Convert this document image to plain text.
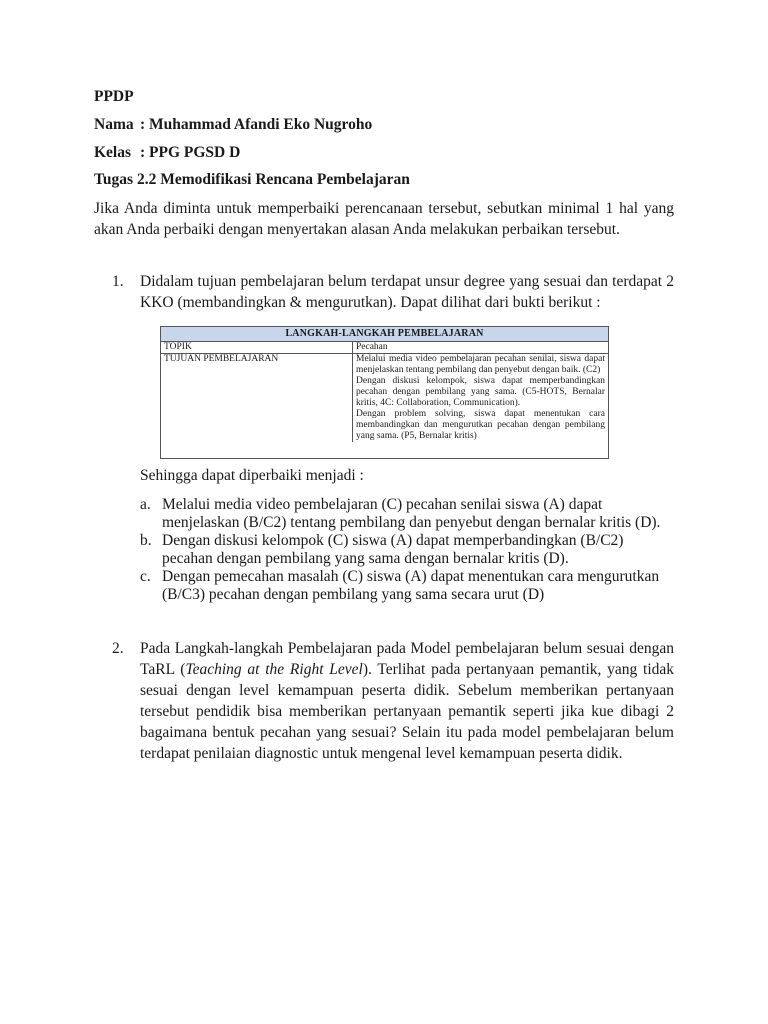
PPDP
Nama : Muhammad Afandi Eko Nugroho
Kelas : PPG PGSD D
Tugas 2.2 Memodifikasi Rencana Pembelajaran
Jika Anda diminta untuk memperbaiki perencanaan tersebut, sebutkan minimal 1 hal yang akan Anda perbaiki dengan menyertakan alasan Anda melakukan perbaikan tersebut.
1. Didalam tujuan pembelajaran belum terdapat unsur degree yang sesuai dan terdapat 2 KKO (membandingkan & mengurutkan). Dapat dilihat dari bukti berikut :
LANGKAH-LANGKAH PEMBELAJARAN
TOPIK	Pecahan
TUJUAN PEMBELAJARAN	Melalui media video pembelajaran pecahan senilai, siswa dapat menjelaskan tentang pembilang dan penyebut dengan baik. (C2)

Dengan diskusi kelompok, siswa dapat memperbandingkan pecahan dengan pembilang yang sama. (C5-HOTS, Bernalar kritis, 4C: Collaboration, Communication).

Dengan problem solving, siswa dapat menentukan cara membandingkan dan mengurutkan pecahan dengan pembilang yang sama. (P5, Bernalar kritis)

Sehingga dapat diperbaiki menjadi :
a. Melalui media video pembelajaran (C) pecahan senilai siswa (A) dapat menjelaskan (B/C2) tentang pembilang dan penyebut dengan bernalar kritis (D).
b. Dengan diskusi kelompok (C) siswa (A) dapat memperbandingkan (B/C2) pecahan dengan pembilang yang sama dengan bernalar kritis (D).
c. Dengan pemecahan masalah (C) siswa (A) dapat menentukan cara mengurutkan (B/C3) pecahan dengan pembilang yang sama secara urut (D)
2. Pada Langkah-langkah Pembelajaran pada Model pembelajaran belum sesuai dengan TaRL (Teaching at the Right Level). Terlihat pada pertanyaan pemantik, yang tidak sesuai dengan level kemampuan peserta didik. Sebelum memberikan pertanyaan tersebut pendidik bisa memberikan pertanyaan pemantik seperti jika kue dibagi 2 bagaimana bentuk pecahan yang sesuai? Selain itu pada model pembelajaran belum terdapat penilaian diagnostic untuk mengenal level kemampuan peserta didik.
